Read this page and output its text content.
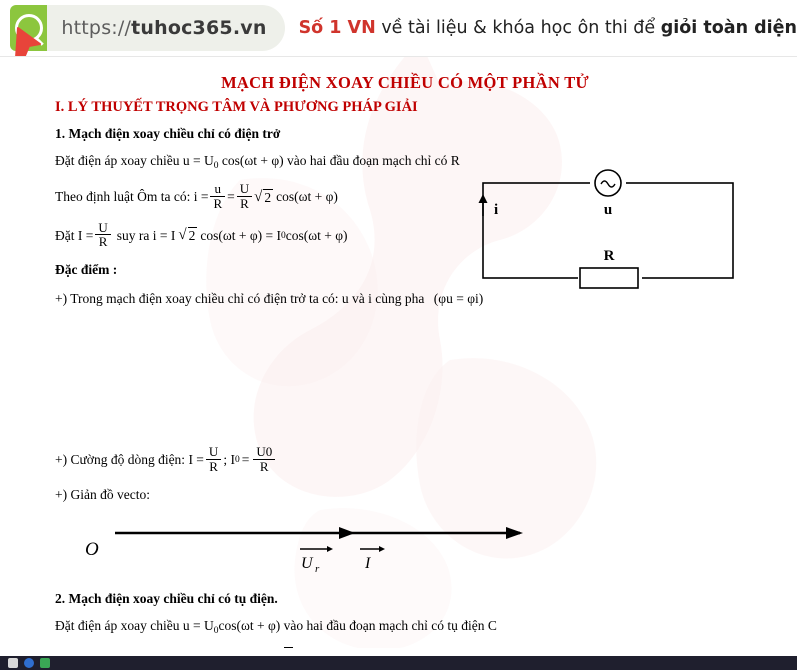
https:// tuhoc365.vn Số 1 VN về tài liệu & khóa học ôn thi để giỏi toàn diện
u
R
i
MẠCH ĐIỆN XOAY CHIỀU CÓ MỘT PHẦN TỬ
I. LÝ THUYẾT TRỌNG TÂM VÀ PHƯƠNG PHÁP GIẢI
1. Mạch điện xoay chiều chỉ có điện trở

Đặt điện áp xoay chiều $u = U_0$ cos(ωt + φ) vào hai đầu đoạn mạch chỉ có R

Theo định luật Ôm ta có: $i = \frac{u}{R} = \frac{U}{R}$ √ 2 cos(ωt + φ)
Đặt $I = \frac{U}{R}$ suy ra i = I √ 2 cos(ωt + φ) = I 0 cos(ωt + φ)

Đặc điểm :

+) Trong mạch điện xoay chiều chỉ có điện trở ta có: u và i cùng pha (φu = φi)

+) Cường độ dòng điện: $I = \frac{U}{R}$ ; I $0 = \frac{U0}{R}$

+) Giản đồ vecto:

O
U r	I
2. Mạch điện xoay chiều chỉ có tụ điện.

Đặt điện áp xoay chiều $u = U_0\cos(\omega t + \varphi)$ vào hai đầu đoạn mạch chỉ có tụ điện C
